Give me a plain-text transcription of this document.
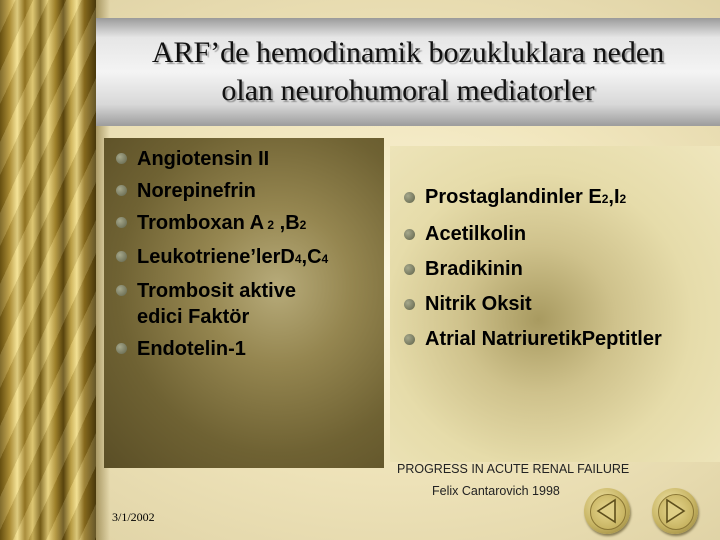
ARF’de hemodinamik bozukluklara neden
olan neurohumoral mediatorler
Angiotensin II
Norepinefrin
Tromboxan A 2 ,B2
Leukotriene’lerD4,C4
Trombosit aktive
edici Faktör
Endotelin-1
Prostaglandinler E2,I2
Acetilkolin
Bradikinin
Nitrik Oksit
Atrial NatriuretikPeptitler
PROGRESS IN ACUTE RENAL FAILURE
Felix Cantarovich 1998
3/1/2002
